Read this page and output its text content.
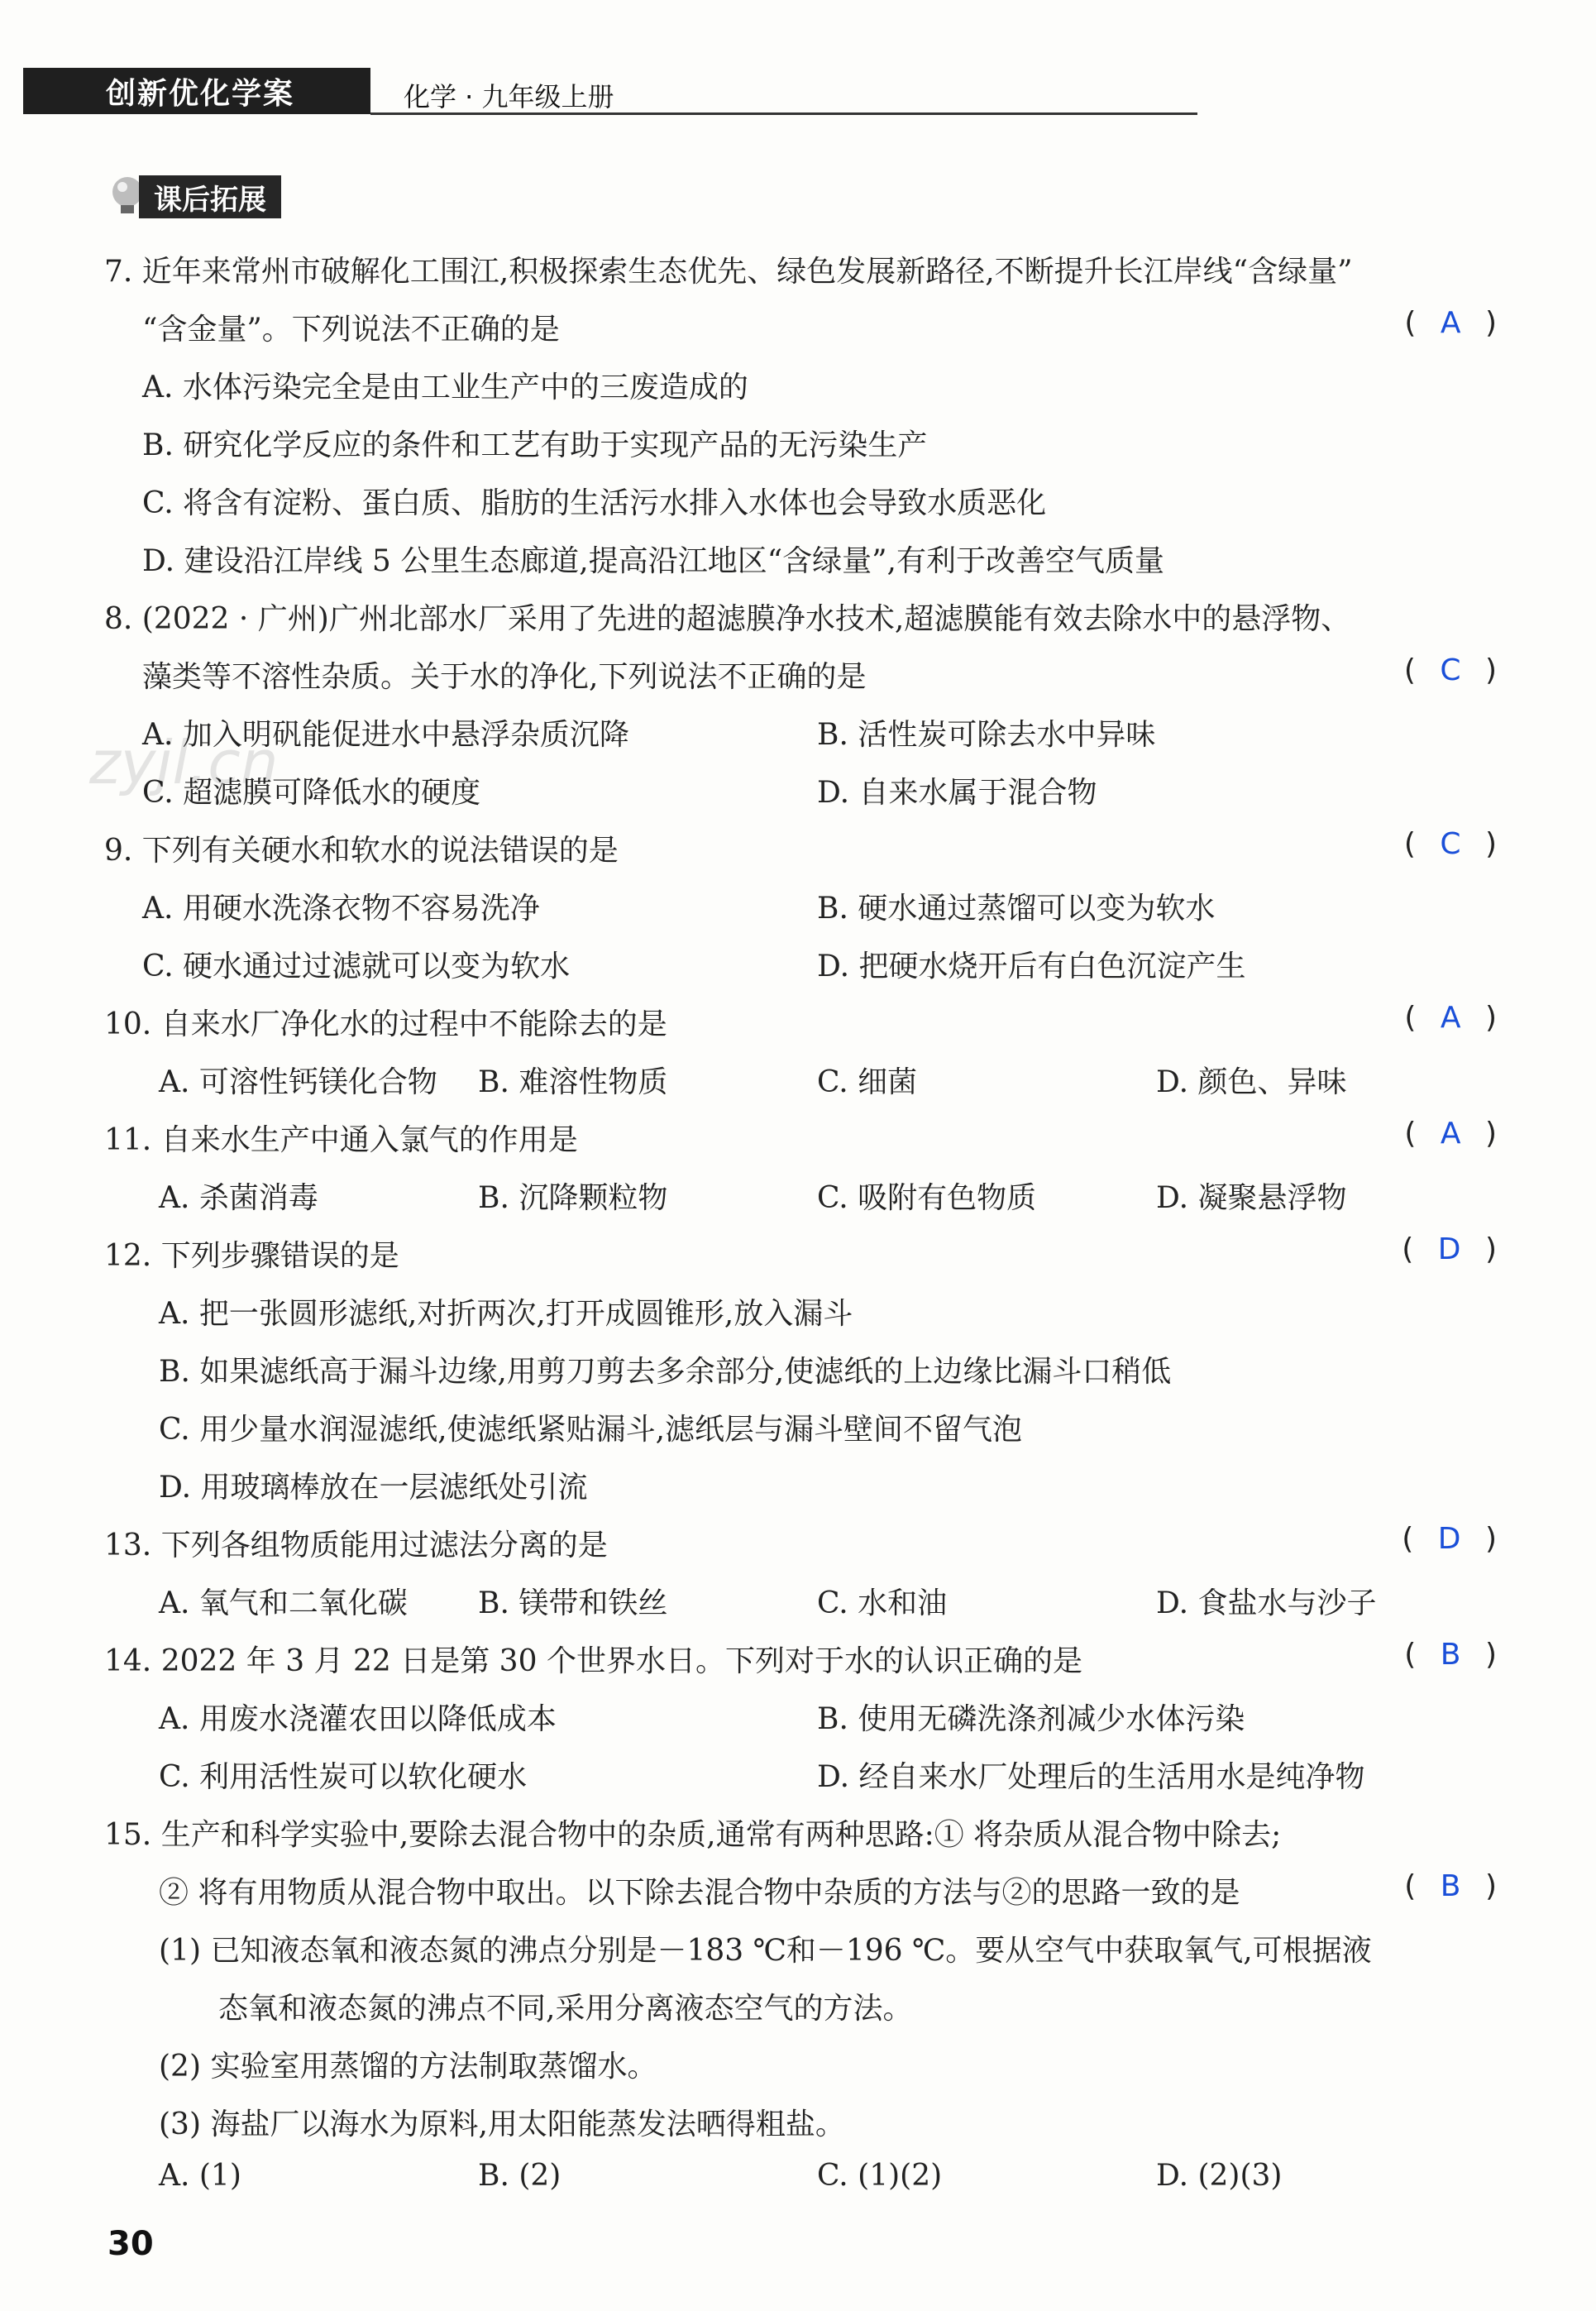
创新优化学案	化学 · 九年级上册
课后拓展
zyjl.cn
7. 近年来常州市破解化工围江,积极探索生态优先、绿色发展新路径,不断提升长江岸线“含绿量”
“含金量”。下列说法不正确的是	( A )
A. 水体污染完全是由工业生产中的三废造成的
B. 研究化学反应的条件和工艺有助于实现产品的无污染生产
C. 将含有淀粉、蛋白质、脂肪的生活污水排入水体也会导致水质恶化
D. 建设沿江岸线 5 公里生态廊道,提高沿江地区“含绿量”,有利于改善空气质量
8. (2022 · 广州)广州北部水厂采用了先进的超滤膜净水技术,超滤膜能有效去除水中的悬浮物、
藻类等不溶性杂质。关于水的净化,下列说法不正确的是	( C )
A. 加入明矾能促进水中悬浮杂质沉降	B. 活性炭可除去水中异味
C. 超滤膜可降低水的硬度	D. 自来水属于混合物
9. 下列有关硬水和软水的说法错误的是	( C )
A. 用硬水洗涤衣物不容易洗净	B. 硬水通过蒸馏可以变为软水
C. 硬水通过过滤就可以变为软水	D. 把硬水烧开后有白色沉淀产生
10. 自来水厂净化水的过程中不能除去的是	( A )
A. 可溶性钙镁化合物 B. 难溶性物质	C. 细菌	D. 颜色、异味
11. 自来水生产中通入氯气的作用是	( A )
A. 杀菌消毒	B. 沉降颗粒物	C. 吸附有色物质	D. 凝聚悬浮物
12. 下列步骤错误的是	( D )
A. 把一张圆形滤纸,对折两次,打开成圆锥形,放入漏斗
B. 如果滤纸高于漏斗边缘,用剪刀剪去多余部分,使滤纸的上边缘比漏斗口稍低
C. 用少量水润湿滤纸,使滤纸紧贴漏斗,滤纸层与漏斗壁间不留气泡
D. 用玻璃棒放在一层滤纸处引流
13. 下列各组物质能用过滤法分离的是	( D )
A. 氧气和二氧化碳 B. 镁带和铁丝	C. 水和油	D. 食盐水与沙子
14. 2022 年 3 月 22 日是第 30 个世界水日。下列对于水的认识正确的是	( B )
A. 用废水浇灌农田以降低成本	B. 使用无磷洗涤剂减少水体污染
C. 利用活性炭可以软化硬水	D. 经自来水厂处理后的生活用水是纯净物
15. 生产和科学实验中,要除去混合物中的杂质,通常有两种思路:① 将杂质从混合物中除去;
② 将有用物质从混合物中取出。以下除去混合物中杂质的方法与②的思路一致的是	( B )
(1) 已知液态氧和液态氮的沸点分别是－183 ℃和－196 ℃。要从空气中获取氧气,可根据液
态氧和液态氮的沸点不同,采用分离液态空气的方法。
(2) 实验室用蒸馏的方法制取蒸馏水。
(3) 海盐厂以海水为原料,用太阳能蒸发法晒得粗盐。
A. (1)	B. (2)	C. (1)(2)	D. (2)(3)
30
